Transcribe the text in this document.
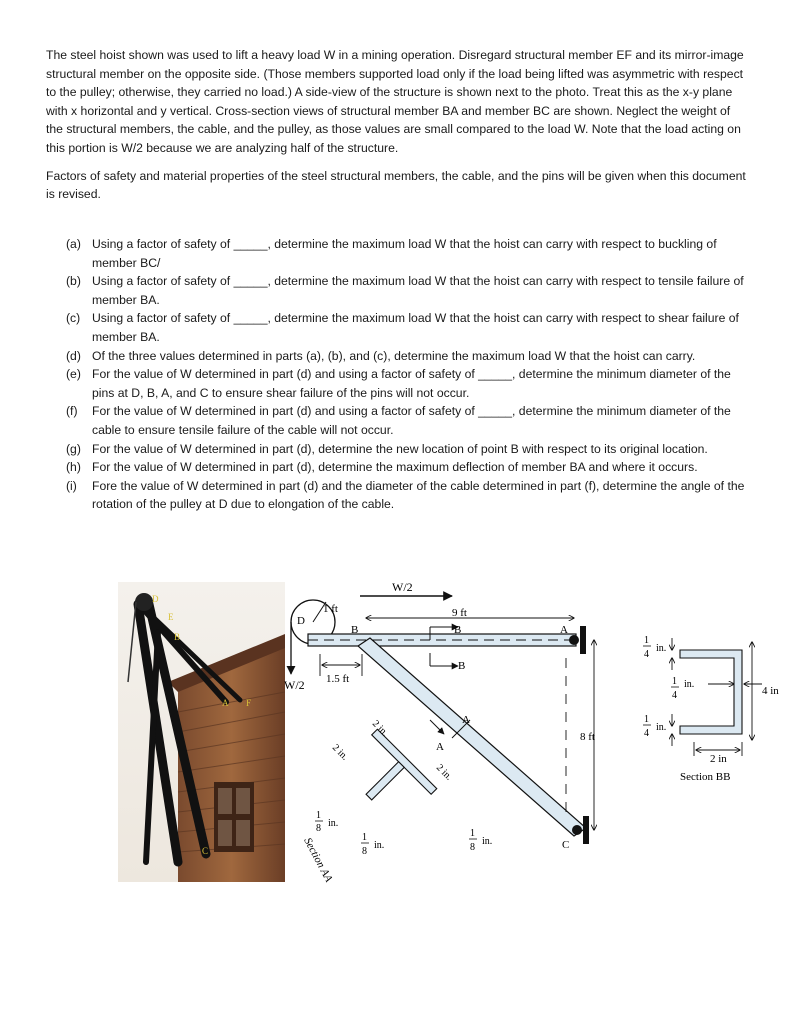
The steel hoist shown was used to lift a heavy load W in a mining operation. Disregard structural member EF and its mirror-image structural member on the opposite side. (Those members supported load only if the load being lifted was asymmetric with respect to the pulley; otherwise, they carried no load.) A side-view of the structure is shown next to the photo. Treat this as the x-y plane with x horizontal and y vertical. Cross-section views of structural member BA and member BC are shown. Neglect the weight of the structural members, the cable, and the pulley, as those values are small compared to the load W. Note that the load acting on this portion is W/2 because we are analyzing half of the structure.

Factors of safety and material properties of the steel structural members, the cable, and the pins will be given when this document is revised.

(a) Using a factor of safety of _____, determine the maximum load W that the hoist can carry with respect to buckling of member BC/
(b) Using a factor of safety of _____, determine the maximum load W that the hoist can carry with respect to tensile failure of member BA.
(c) Using a factor of safety of _____, determine the maximum load W that the hoist can carry with respect to shear failure of member BA.
(d) Of the three values determined in parts (a), (b), and (c), determine the maximum load W that the hoist can carry.
(e) For the value of W determined in part (d) and using a factor of safety of _____, determine the minimum diameter of the pins at D, B, A, and C to ensure shear failure of the pins will not occur.
(f)	For the value of W determined in part (d) and using a factor of safety of _____, determine the minimum diameter of the cable to ensure tensile failure of the cable will not occur.
(g) For the value of W determined in part (d), determine the new location of point B with respect to its original location.
(h) For the value of W determined in part (d), determine the maximum deflection of member BA and where it occurs.
(i)	Fore the value of W determined in part (d) and the diameter of the cable determined in part (f), determine the angle of the rotation of the pulley at D due to elongation of the cable.
D
E
B
A F
C
W/2
1 ft
D
W/2
B	A
9 ft
B
B
1.5 ft
A
A
C
8 ft
2 in.
2 in.
2 in.
1
8 in.
1
8
in.
1
8
in.
Section AA
4 in
1
4
in.
1
4
in.
1
4
in.
2 in
Section BB
